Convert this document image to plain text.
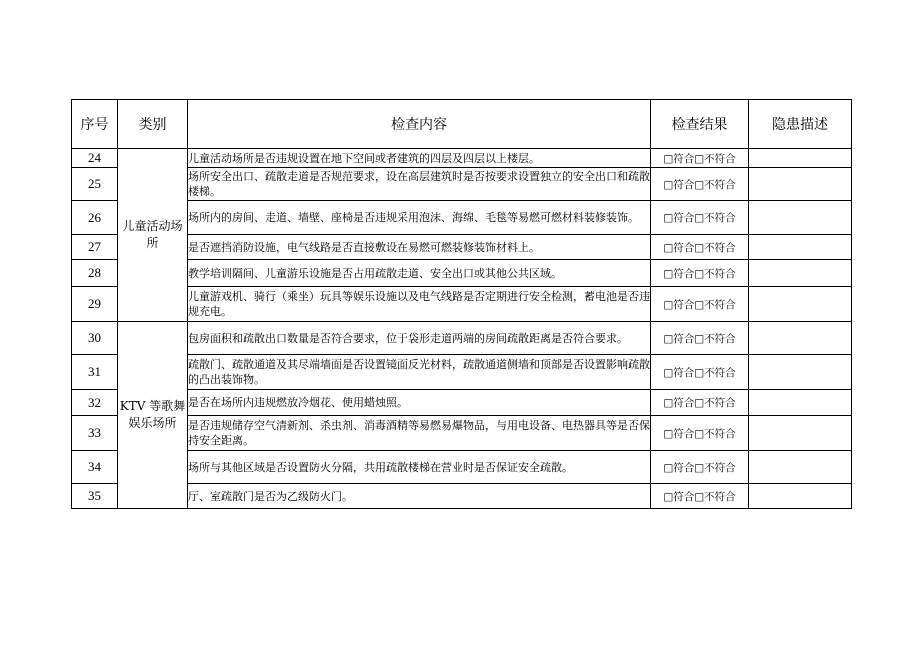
序号	类别	检查内容	检查结果	隐患描述
24	儿童活动场所	儿童活动场所是否违规设置在地下空间或者建筑的四层及四层以上楼层。	□符合□不符合	
25		场所安全出口、疏散走道是否规范要求，设在高层建筑时是否按要求设置独立的安全出口和疏散楼梯。	□符合□不符合	
26		场所内的房间、走道、墙壁、座椅是否违规采用泡沫、海绵、毛毯等易燃可燃材料装修装饰。	□符合□不符合	
27		是否遮挡消防设施，电气线路是否直接敷设在易燃可燃装修装饰材料上。	□符合□不符合	
28		教学培训隔间、儿童游乐设施是否占用疏散走道、安全出口或其他公共区域。	□符合□不符合	
29		儿童游戏机、骑行（乘坐）玩具等娱乐设施以及电气线路是否定期进行安全检测，蓄电池是否违规充电。	□符合□不符合	
30	KTV 等歌舞娱乐场所	包房面积和疏散出口数量是否符合要求，位于袋形走道两端的房间疏散距离是否符合要求。	□符合□不符合	
31		疏散门、疏散通道及其尽端墙面是否设置镜面反光材料，疏散通道侧墙和顶部是否设置影响疏散的凸出装饰物。	□符合□不符合	
32		是否在场所内违规燃放冷烟花、使用蜡烛照。	□符合□不符合	
33		是否违规储存空气清新剂、杀虫剂、消毒酒精等易燃易爆物品，与用电设备、电热器具等是否保持安全距离。	□符合□不符合	
34		场所与其他区域是否设置防火分隔，共用疏散楼梯在营业时是否保证安全疏散。	□符合□不符合	
35		厅、室疏散门是否为乙级防火门。	□符合□不符合	
